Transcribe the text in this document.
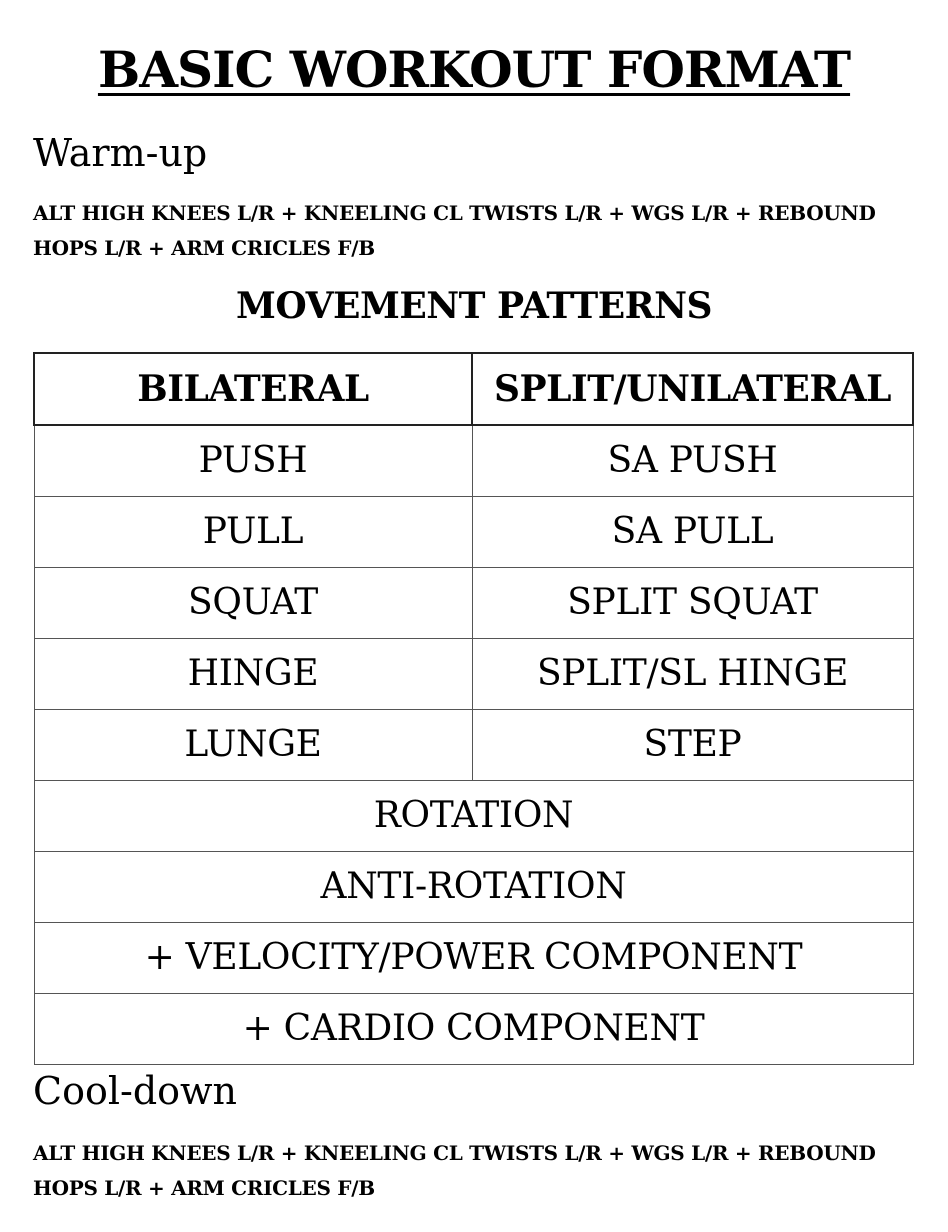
BASIC WORKOUT FORMAT
Warm-up
ALT HIGH KNEES L/R + KNEELING CL TWISTS L/R + WGS L/R + REBOUND
HOPS L/R + ARM CRICLES F/B
MOVEMENT PATTERNS
BILATERAL	SPLIT/UNILATERAL
PUSH	SA PUSH
PULL	SA PULL
SQUAT	SPLIT SQUAT
HINGE	SPLIT/SL HINGE
LUNGE	STEP
ROTATION	
ANTI-ROTATION	
+ VELOCITY/POWER COMPONENT	
+ CARDIO COMPONENT	
Cool-down
ALT HIGH KNEES L/R + KNEELING CL TWISTS L/R + WGS L/R + REBOUND
HOPS L/R + ARM CRICLES F/B
